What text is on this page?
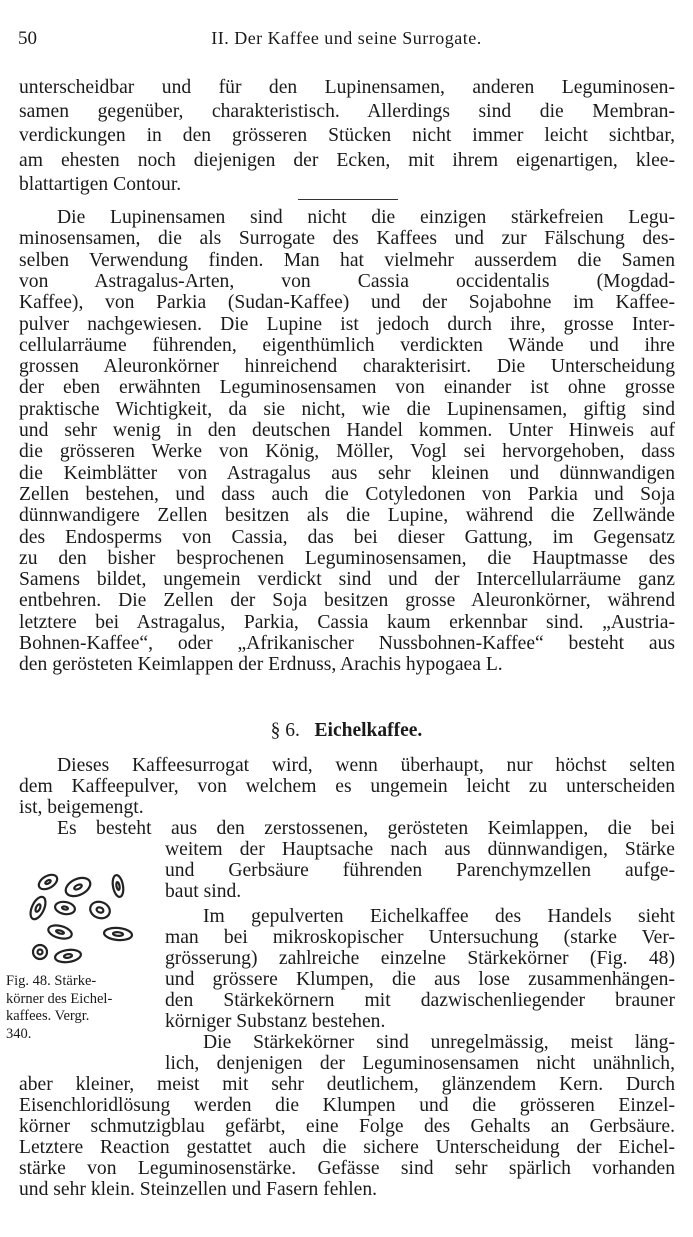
50	II. Der Kaffee und seine Surrogate.
unterscheidbar und für den Lupinensamen, anderen Leguminosen-
samen gegenüber, charakteristisch. Allerdings sind die Membran-
verdickungen in den grösseren Stücken nicht immer leicht sichtbar,
am ehesten noch diejenigen der Ecken, mit ihrem eigenartigen, klee-
blattartigen Contour.
Die Lupinensamen sind nicht die einzigen stärkefreien Legu-
minosensamen, die als Surrogate des Kaffees und zur Fälschung des-
selben Verwendung finden. Man hat vielmehr ausserdem die Samen
von Astragalus-Arten, von Cassia occidentalis (Mogdad-
Kaffee), von Parkia (Sudan-Kaffee) und der Sojabohne im Kaffee-
pulver nachgewiesen. Die Lupine ist jedoch durch ihre, grosse Inter-
cellularräume führenden, eigenthümlich verdickten Wände und ihre
grossen Aleuronkörner hinreichend charakterisirt. Die Unterscheidung
der eben erwähnten Leguminosensamen von einander ist ohne grosse
praktische Wichtigkeit, da sie nicht, wie die Lupinensamen, giftig sind
und sehr wenig in den deutschen Handel kommen. Unter Hinweis auf
die grösseren Werke von König, Möller, Vogl sei hervorgehoben, dass
die Keimblätter von Astragalus aus sehr kleinen und dünnwandigen
Zellen bestehen, und dass auch die Cotyledonen von Parkia und Soja
dünnwandigere Zellen besitzen als die Lupine, während die Zellwände
des Endosperms von Cassia, das bei dieser Gattung, im Gegensatz
zu den bisher besprochenen Leguminosensamen, die Hauptmasse des
Samens bildet, ungemein verdickt sind und der Intercellularräume ganz
entbehren. Die Zellen der Soja besitzen grosse Aleuronkörner, während
letztere bei Astragalus, Parkia, Cassia kaum erkennbar sind. „Austria-
Bohnen-Kaffee“, oder „Afrikanischer Nussbohnen-Kaffee“ besteht aus
den gerösteten Keimlappen der Erdnuss, Arachis hypogaea L.
§ 6. Eichelkaffee.
Dieses Kaffeesurrogat wird, wenn überhaupt, nur höchst selten
dem Kaffeepulver, von welchem es ungemein leicht zu unterscheiden
ist, beigemengt.
Es besteht aus den zerstossenen, gerösteten Keimlappen, die bei
weitem der Hauptsache nach aus dünnwandigen, Stärke
und Gerbsäure führenden Parenchymzellen aufge-
baut sind.
Fig. 48. Stärke-
körner des Eichel-
kaffees. Vergr.
340.
Im gepulverten Eichelkaffee des Handels sieht
man bei mikroskopischer Untersuchung (starke Ver-
grösserung) zahlreiche einzelne Stärkekörner (Fig. 48)
und grössere Klumpen, die aus lose zusammenhängen-
den Stärkekörnern mit dazwischenliegender brauner
körniger Substanz bestehen.
Die Stärkekörner sind unregelmässig, meist läng-
lich, denjenigen der Leguminosensamen nicht unähnlich,
aber kleiner, meist mit sehr deutlichem, glänzendem Kern. Durch
Eisenchloridlösung werden die Klumpen und die grösseren Einzel-
körner schmutzigblau gefärbt, eine Folge des Gehalts an Gerbsäure.
Letztere Reaction gestattet auch die sichere Unterscheidung der Eichel-
stärke von Leguminosenstärke. Gefässe sind sehr spärlich vorhanden
und sehr klein. Steinzellen und Fasern fehlen.
